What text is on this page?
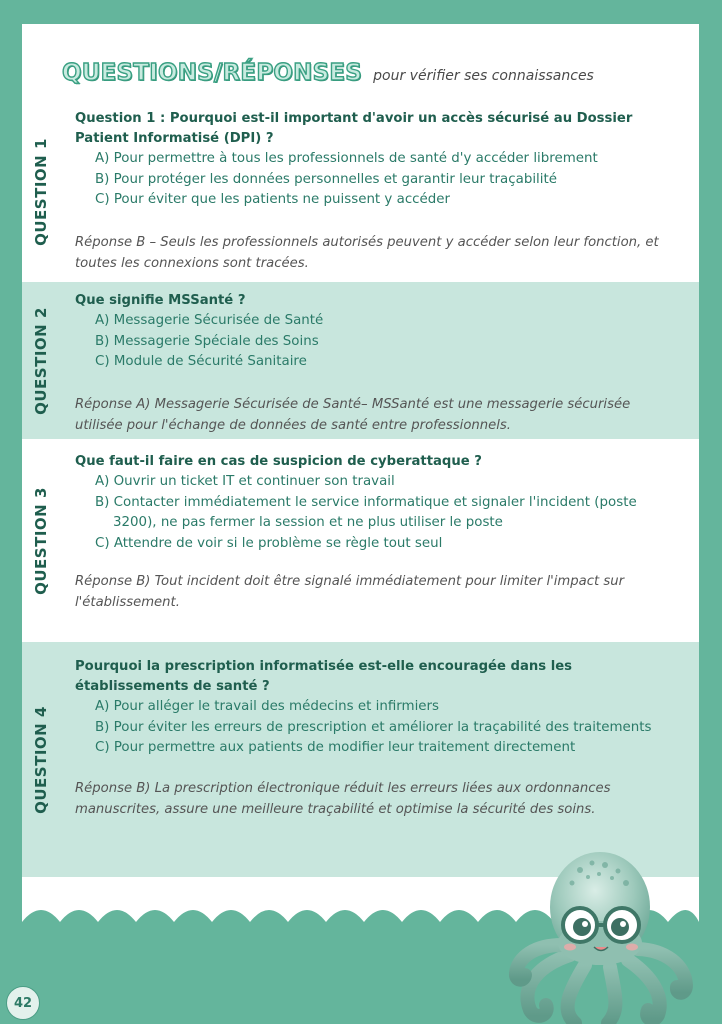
QUESTIONS/RÉPONSES pour vérifier ses connaissances
QUESTION 1

Question 1 : Pourquoi est-il important d'avoir un accès sécurisé au Dossier Patient Informatisé (DPI) ?

A) Pour permettre à tous les professionnels de santé d'y accéder librement
B) Pour protéger les données personnelles et garantir leur traçabilité
C) Pour éviter que les patients ne puissent y accéder
Réponse B – Seuls les professionnels autorisés peuvent y accéder selon leur fonction, et toutes les connexions sont tracées.
QUESTION 2

Que signifie MSSanté ?

A) Messagerie Sécurisée de Santé
B) Messagerie Spéciale des Soins
C) Module de Sécurité Sanitaire
Réponse A) Messagerie Sécurisée de Santé– MSSanté est une messagerie sécurisée utilisée pour l'échange de données de santé entre professionnels.
QUESTION 3

Que faut-il faire en cas de suspicion de cyberattaque ?

A) Ouvrir un ticket IT et continuer son travail
B) Contacter immédiatement le service informatique et signaler l'incident (poste 3200), ne pas fermer la session et ne plus utiliser le poste
C) Attendre de voir si le problème se règle tout seul
Réponse B) Tout incident doit être signalé immédiatement pour limiter l'impact sur l'établissement.
QUESTION 4

Pourquoi la prescription informatisée est-elle encouragée dans les établissements de santé ?

A) Pour alléger le travail des médecins et infirmiers
B) Pour éviter les erreurs de prescription et améliorer la traçabilité des traitements
C) Pour permettre aux patients de modifier leur traitement directement
Réponse B) La prescription électronique réduit les erreurs liées aux ordonnances manuscrites, assure une meilleure traçabilité et optimise la sécurité des soins.
42
